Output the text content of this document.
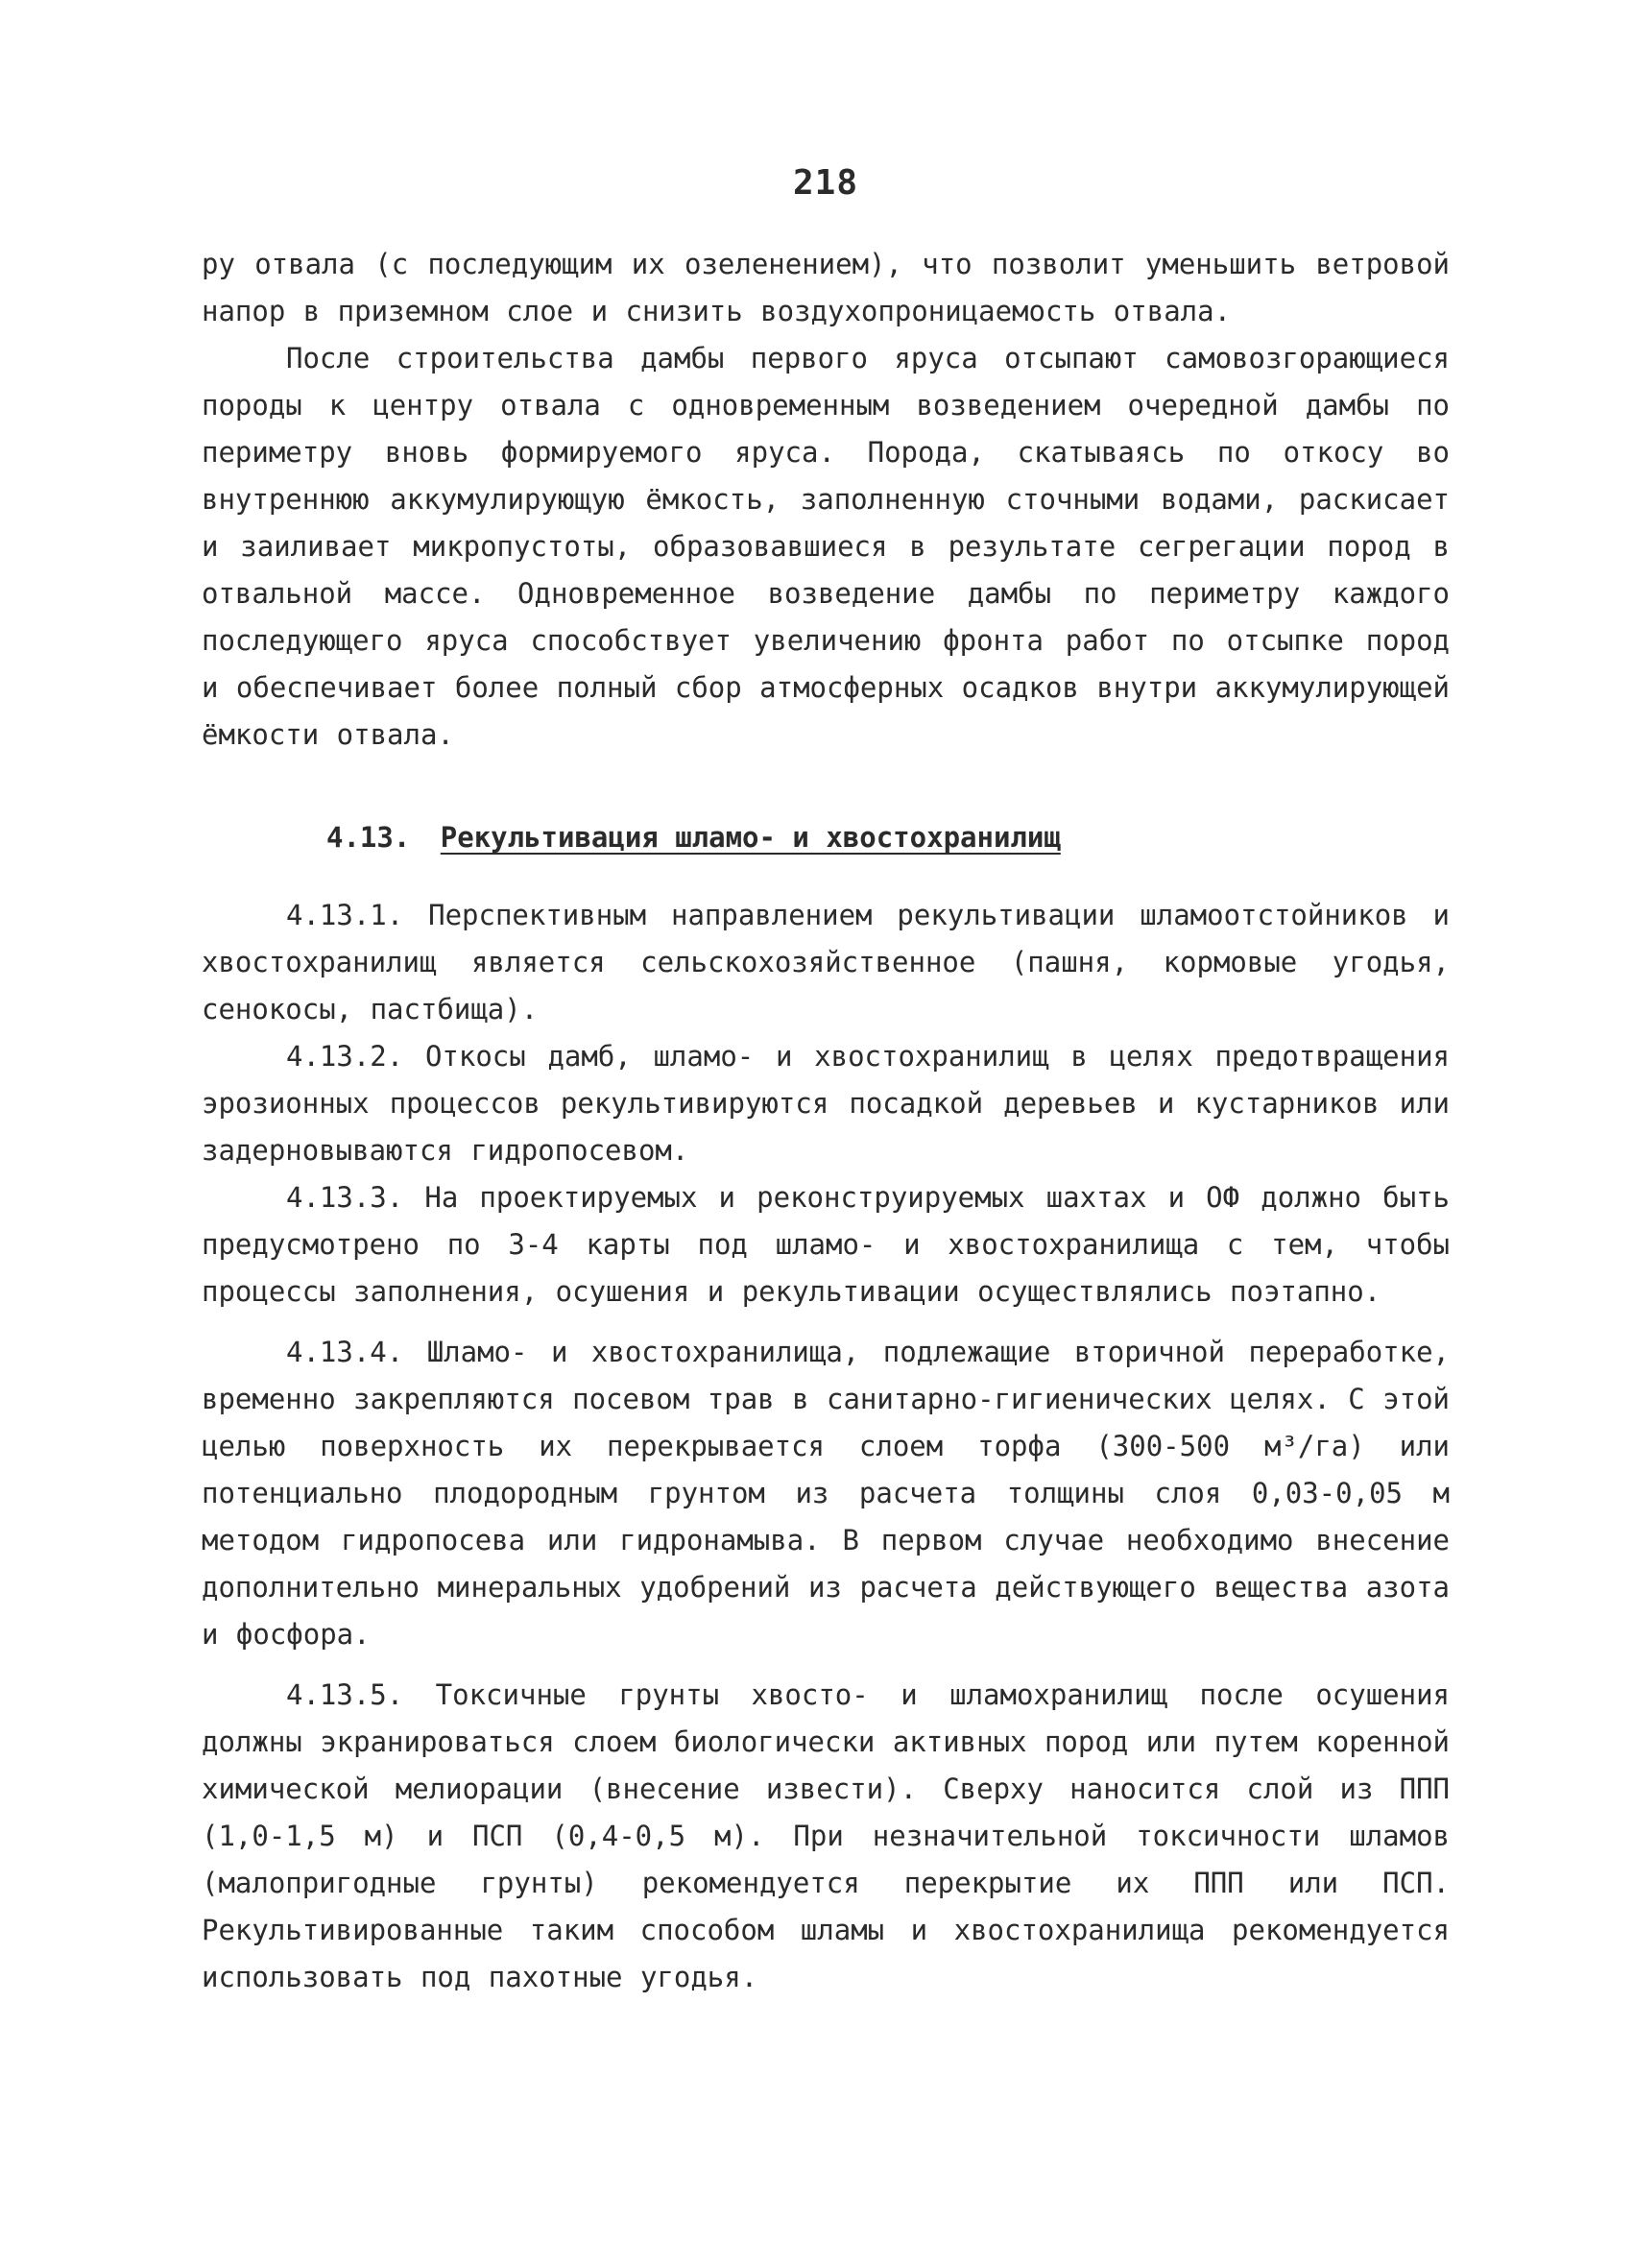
218

ру отвала (с последующим их озеленением), что позволит уменьшить ветровой напор в приземном слое и снизить воздухопроницаемость отвала.

После строительства дамбы первого яруса отсыпают самовозгорающиеся породы к центру отвала с одновременным возведением очередной дамбы по периметру вновь формируемого яруса. Порода, скатываясь по откосу во внутреннюю аккумулирующую ёмкость, заполненную сточными водами, раскисает и заиливает микропустоты, образовавшиеся в результате сегрегации пород в отвальной массе. Одновременное возведение дамбы по периметру каждого последующего яруса способствует увеличению фронта работ по отсыпке пород и обеспечивает более полный сбор атмосферных осадков внутри аккумулирующей ёмкости отвала.

4.13. Рекультивация шламо- и хвостохранилищ

4.13.1. Перспективным направлением рекультивации шламоотстойников и хвостохранилищ является сельскохозяйственное (пашня, кормовые угодья, сенокосы, пастбища).

4.13.2. Откосы дамб, шламо- и хвостохранилищ в целях предотвращения эрозионных процессов рекультивируются посадкой деревьев и кустарников или задерновываются гидропосевом.

4.13.3. На проектируемых и реконструируемых шахтах и ОФ должно быть предусмотрено по 3-4 карты под шламо- и хвостохранилища с тем, чтобы процессы заполнения, осушения и рекультивации осуществлялись поэтапно.

4.13.4. Шламо- и хвостохранилища, подлежащие вторичной переработке, временно закрепляются посевом трав в санитарно-гигиенических целях. С этой целью поверхность их перекрывается слоем торфа (300-500 м³/га) или потенциально плодородным грунтом из расчета толщины слоя 0,03-0,05 м методом гидропосева или гидронамыва. В первом случае необходимо внесение дополнительно минеральных удобрений из расчета действующего вещества азота и фосфора.

4.13.5. Токсичные грунты хвосто- и шламохранилищ после осушения должны экранироваться слоем биологически активных пород или путем коренной химической мелиорации (внесение извести). Сверху наносится слой из ППП (1,0-1,5 м) и ПСП (0,4-0,5 м). При незначительной токсичности шламов (малопригодные грунты) рекомендуется перекрытие их ППП или ПСП. Рекультивированные таким способом шламы и хвостохранилища рекомендуется использовать под пахотные угодья.
